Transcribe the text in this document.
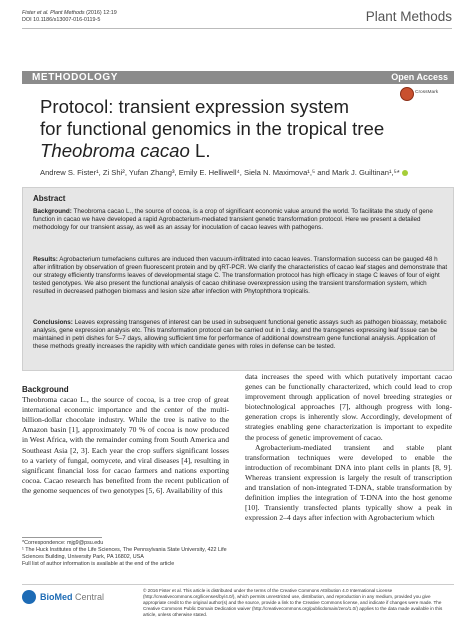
Fister et al. Plant Methods (2016) 12:19
DOI 10.1186/s13007-016-0119-5	Plant Methods
METHODOLOGY	Open Access
CrossMark
Protocol: transient expression system
for functional genomics in the tropical tree
Theobroma cacao L.
Andrew S. Fister¹, Zi Shi², Yufan Zhang³, Emily E. Helliwell⁴, Siela N. Maximova¹,⁵ and Mark J. Guiltinan¹,⁵*
Abstract
Background: Theobroma cacao L., the source of cocoa, is a crop of significant economic value around the world. To facilitate the study of gene function in cacao we have developed a rapid Agrobacterium-mediated transient genetic transformation protocol. Here we present a detailed methodology for our transient assay, as well as an assay for inoculation of cacao leaves with pathogens.
Results: Agrobacterium tumefaciens cultures are induced then vacuum-infiltrated into cacao leaves. Transformation success can be gauged 48 h after infiltration by observation of green fluorescent protein and by qRT-PCR. We clarify the characteristics of cacao leaf stages and demonstrate that our strategy efficiently transforms leaves of developmental stage C. The transformation protocol has high efficacy in stage C leaves of four of eight tested genotypes. We also present the functional analysis of cacao chitinase overexpression using the transient transformation system, which resulted in decreased pathogen biomass and lesion size after infection with Phytophthora tropicalis.
Conclusions: Leaves expressing transgenes of interest can be used in subsequent functional genetic assays such as pathogen bioassay, metabolic analysis, gene expression analysis etc. This transformation protocol can be carried out in 1 day, and the transgenes expressing leaf tissue can be maintained in petri dishes for 5–7 days, allowing sufficient time for performance of additional downstream gene functional analysis. Application of these methods greatly increases the rapidity with which candidate genes with roles in defense can be tested.
Background
Theobroma cacao L., the source of cocoa, is a tree crop of great international economic importance and the center of the multi-billion-dollar chocolate industry. While the tree is native to the Amazon basin [1], approximately 70 % of cocoa is now produced in West Africa, with the remainder coming from South America and Southeast Asia [2, 3]. Each year the crop suffers significant losses to a variety of fungal, oomycete, and viral diseases [4], resulting in significant financial loss for cacao farmers and nations exporting cocoa. Cacao research has benefited from the recent publication of the genome sequences of two genotypes [5, 6]. Availability of this
data increases the speed with which putatively important cacao genes can be functionally characterized, which could lead to crop improvement through application of novel breeding strategies or biotechnological approaches [7], although progress with long-generation crops is inherently slow. Accordingly, development of strategies enabling gene characterization is important to expedite the process of genetic improvement of cacao.
Agrobacterium-mediated transient and stable plant transformation techniques were developed to enable the introduction of recombinant DNA into plant cells in plants [8, 9]. Whereas transient expression is largely the result of transcription and translation of non-integrated T-DNA, stable transformation by definition implies the integration of T-DNA into the host genome [10]. Transiently transfected plants typically show a peak in expression 2–4 days after infection with Agrobacterium which
*Correspondence: mjg9@psu.edu
¹ The Huck Institutes of the Life Sciences, The Pennsylvania State University, 422 Life Sciences Building, University Park, PA 16802, USA
Full list of author information is available at the end of the article
BioMed Central
© 2016 Fister et al. This article is distributed under the terms of the Creative Commons Attribution 4.0 International License (http://creativecommons.org/licenses/by/4.0/), which permits unrestricted use, distribution, and reproduction in any medium, provided you give appropriate credit to the original author(s) and the source, provide a link to the Creative Commons license, and indicate if changes were made. The Creative Commons Public Domain Dedication waiver (http://creativecommons.org/publicdomain/zero/1.0/) applies to the data made available in this article, unless otherwise stated.
